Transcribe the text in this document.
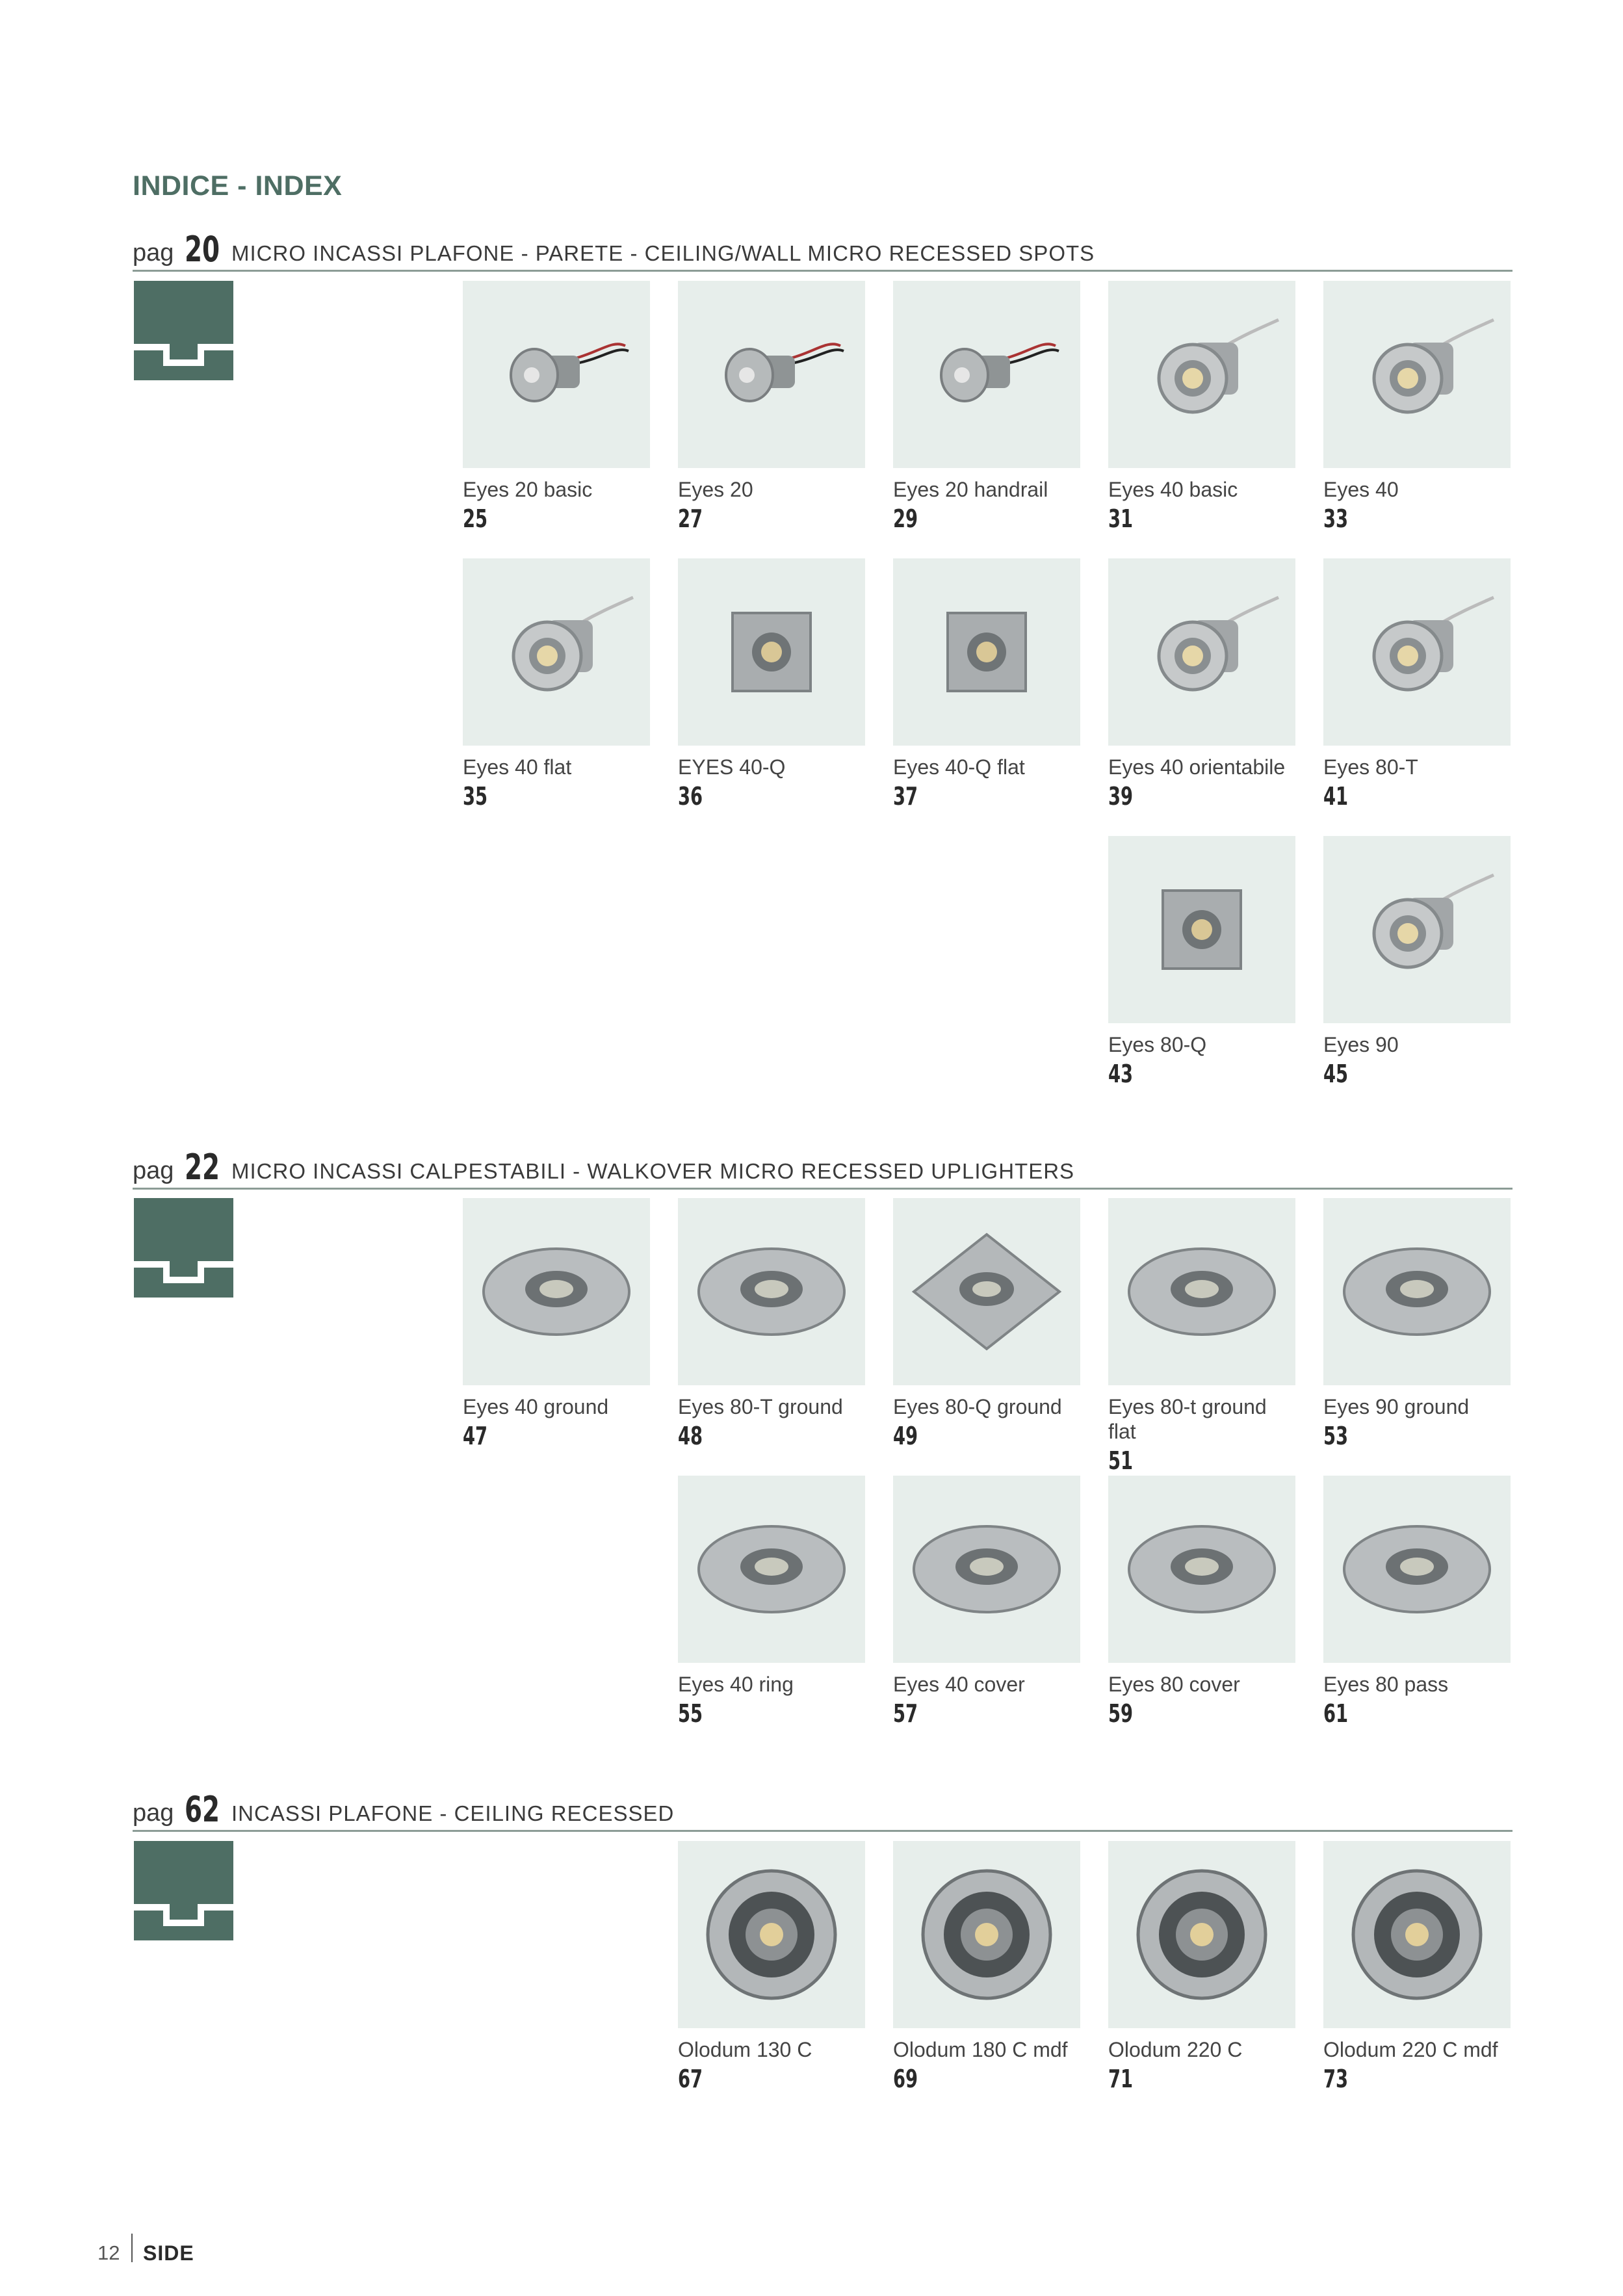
INDICE - INDEX
pag 20 MICRO INCASSI PLAFONE - PARETE - CEILING/WALL MICRO RECESSED SPOTS
pag 22 MICRO INCASSI CALPESTABILI - WALKOVER MICRO RECESSED UPLIGHTERS
pag 62 INCASSI PLAFONE - CEILING RECESSED
Eyes 20 basic
25
Eyes 20
27
Eyes 20 handrail
29
Eyes 40 basic
31
Eyes 40
33
Eyes 40 flat
35
EYES 40-Q
36
Eyes 40-Q flat
37
Eyes 40 orientabile
39
Eyes 80-T
41
Eyes 80-Q
43
Eyes 90
45
Eyes 40 ground
47
Eyes 80-T ground
48
Eyes 80-Q ground
49
Eyes 80-t ground flat
51
Eyes 90 ground
53
Eyes 40 ring
55
Eyes 40 cover
57
Eyes 80 cover
59
Eyes 80 pass
61
Olodum 130 C
67
Olodum 180 C mdf
69
Olodum 220 C
71
Olodum 220 C mdf
73
12 SIDE
